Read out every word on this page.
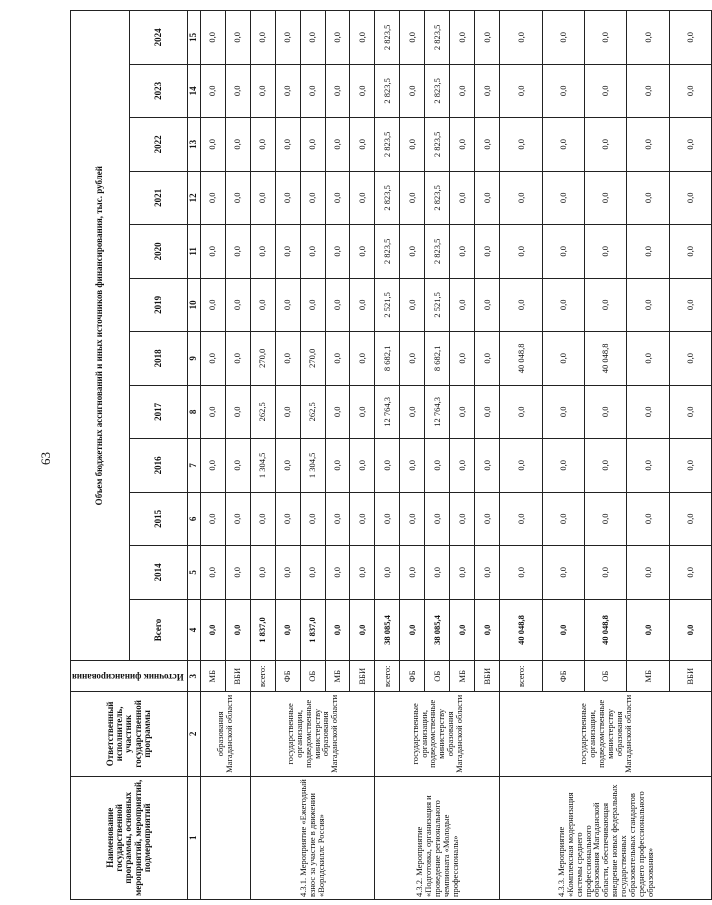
63
Наименование государственной программы, основных мероприятий, мероприятий, подмероприятий	Ответственный исполнитель, участник государственной программы	Источник финансирования	Объем бюджетных ассигнований и иных источников финансирования, тыс. рублей											
			Всего	2014	2015	2016	2017	2018	2019	2020	2021	2022	2023	2024
1	2	3	4	5	6	7	8	9	10	11	12	13	14	15
	образования Магаданской области	МБ	0,0	0,0	0,0	0,0	0,0	0,0	0,0	0,0	0,0	0,0	0,0	0,0
		ВБИ	0,0	0,0	0,0	0,0	0,0	0,0	0,0	0,0	0,0	0,0	0,0	0,0
4.3.1. Мероприятие «Ежегодный взнос за участие в движении «Ворлдскиллс Россия»	государственные организации, подведомственные министерству образования Магаданской области	всего:	1 837,0	0,0	0,0	1 304,5	262,5	270,0	0,0	0,0	0,0	0,0	0,0	0,0
		ФБ	0,0	0,0	0,0	0,0	0,0	0,0	0,0	0,0	0,0	0,0	0,0	0,0
		ОБ	1 837,0	0,0	0,0	1 304,5	262,5	270,0	0,0	0,0	0,0	0,0	0,0	0,0
		МБ	0,0	0,0	0,0	0,0	0,0	0,0	0,0	0,0	0,0	0,0	0,0	0,0
		ВБИ	0,0	0,0	0,0	0,0	0,0	0,0	0,0	0,0	0,0	0,0	0,0	0,0
4.3.2. Мероприятие «Подготовка, организация и проведение регионального чемпионата «Молодые профессионалы»	государственные организации, подведомственные министерству образования Магаданской области	всего:	38 085,4	0,0	0,0	0,0	12 764,3	8 682,1	2 521,5	2 823,5	2 823,5	2 823,5	2 823,5	2 823,5
		ФБ	0,0	0,0	0,0	0,0	0,0	0,0	0,0	0,0	0,0	0,0	0,0	0,0
		ОБ	38 085,4	0,0	0,0	0,0	12 764,3	8 682,1	2 521,5	2 823,5	2 823,5	2 823,5	2 823,5	2 823,5
		МБ	0,0	0,0	0,0	0,0	0,0	0,0	0,0	0,0	0,0	0,0	0,0	0,0
		ВБИ	0,0	0,0	0,0	0,0	0,0	0,0	0,0	0,0	0,0	0,0	0,0	0,0
4.3.3. Мероприятие «Комплексная модернизация системы среднего профессионального образования Магаданской области, обеспечивающая внедрение новых федеральных государственных образовательных стандартов среднего профессионального образования»	государственные организации, подведомственные министерству образования Магаданской области	всего:	40 048,8	0,0	0,0	0,0	0,0	40 048,8	0,0	0,0	0,0	0,0	0,0	0,0
		ФБ	0,0	0,0	0,0	0,0	0,0	0,0	0,0	0,0	0,0	0,0	0,0	0,0
		ОБ	40 048,8	0,0	0,0	0,0	0,0	40 048,8	0,0	0,0	0,0	0,0	0,0	0,0
		МБ	0,0	0,0	0,0	0,0	0,0	0,0	0,0	0,0	0,0	0,0	0,0	0,0
		ВБИ	0,0	0,0	0,0	0,0	0,0	0,0	0,0	0,0	0,0	0,0	0,0	0,0
